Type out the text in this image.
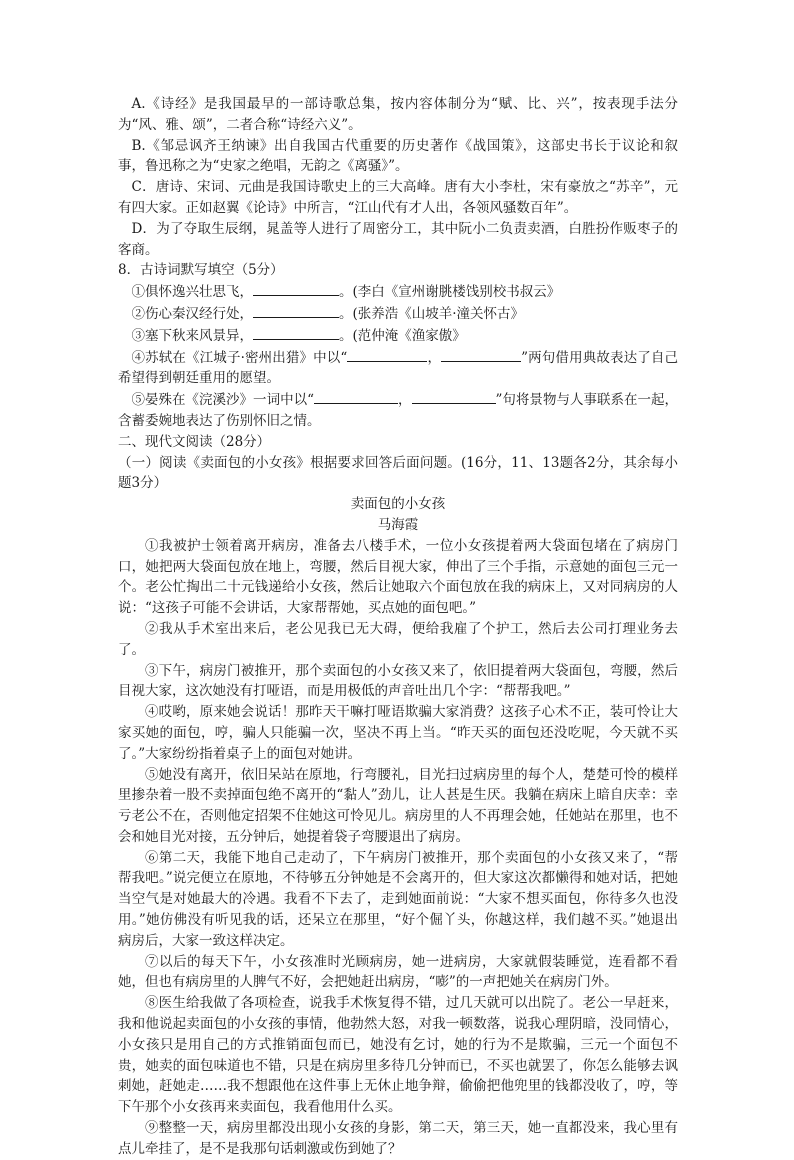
A.《诗经》是我国最早的一部诗歌总集，按内容体制分为“赋、比、兴”，按表现手法分为“风、雅、颂”，二者合称“诗经六义”。

B.《邹忌讽齐王纳谏》出自我国古代重要的历史著作《战国策》，这部史书长于议论和叙事，鲁迅称之为“史家之绝唱，无韵之《离骚》”。

C．唐诗、宋词、元曲是我国诗歌史上的三大高峰。唐有大小李杜，宋有豪放之“苏辛”，元有四大家。正如赵翼《论诗》中所言，“江山代有才人出，各领风骚数百年”。

D．为了夺取生辰纲，晁盖等人进行了周密分工，其中阮小二负责卖酒，白胜扮作贩枣子的客商。

8．古诗词默写填空（5分）

①俱怀逸兴壮思飞，	。(李白《宣州谢朓楼饯别校书叔云》

②伤心秦汉经行处，	。(张养浩《山坡羊·潼关怀古》

③塞下秋来风景异，	。(范仲淹《渔家傲》

④苏轼在《江城子·密州出猎》中以“	，	”两句借用典故表达了自己希望得到朝廷重用的愿望。

⑤晏殊在《浣溪沙》一词中以“	，	”句将景物与人事联系在一起，含蓄委婉地表达了伤别怀旧之情。

二、现代文阅读（28分）

（一）阅读《卖面包的小女孩》根据要求回答后面问题。(16分，11、13题各2分，其余每小题3分）

卖面包的小女孩

马海霞

①我被护士领着离开病房，准备去八楼手术，一位小女孩提着两大袋面包堵在了病房门口，她把两大袋面包放在地上，弯腰，然后目视大家，伸出了三个手指，示意她的面包三元一个。老公忙掏出二十元钱递给小女孩，然后让她取六个面包放在我的病床上，又对同病房的人说：“这孩子可能不会讲话，大家帮帮她，买点她的面包吧。”

②我从手术室出来后，老公见我已无大碍，便给我雇了个护工，然后去公司打理业务去了。

③下午，病房门被推开，那个卖面包的小女孩又来了，依旧提着两大袋面包，弯腰，然后目视大家，这次她没有打哑语，而是用极低的声音吐出几个字：“帮帮我吧。”

④哎哟，原来她会说话！那昨天干嘛打哑语欺骗大家消费？这孩子心术不正，装可怜让大家买她的面包，哼，骗人只能骗一次，坚决不再上当。“昨天买的面包还没吃呢，今天就不买了。”大家纷纷指着桌子上的面包对她讲。

⑤她没有离开，依旧呆站在原地，行弯腰礼，目光扫过病房里的每个人，楚楚可怜的模样里掺杂着一股不卖掉面包绝不离开的“黏人”劲儿，让人甚是生厌。我躺在病床上暗自庆幸：幸亏老公不在，否则他定招架不住她这可怜见儿。病房里的人不再理会她，任她站在那里，也不会和她目光对接，五分钟后，她提着袋子弯腰退出了病房。

⑥第二天，我能下地自己走动了，下午病房门被推开，那个卖面包的小女孩又来了，“帮帮我吧。”说完便立在原地，不待够五分钟她是不会离开的，但大家这次都懒得和她对话，把她当空气是对她最大的冷遇。我看不下去了，走到她面前说：“大家不想买面包，你待多久也没用。”她仿佛没有听见我的话，还呆立在那里，“好个倔丫头，你越这样，我们越不买。”她退出病房后，大家一致这样决定。

⑦以后的每天下午，小女孩准时光顾病房，她一进病房，大家就假装睡觉，连看都不看她，但也有病房里的人脾气不好，会把她赶出病房，“嘭”的一声把她关在病房门外。

⑧医生给我做了各项检查，说我手术恢复得不错，过几天就可以出院了。老公一早赶来，我和他说起卖面包的小女孩的事情，他勃然大怒，对我一顿数落，说我心理阴暗，没同情心，小女孩只是用自己的方式推销面包而已，她没有乞讨，她的行为不是欺骗，三元一个面包不贵，她卖的面包味道也不错，只是在病房里多待几分钟而已，不买也就罢了，你怎么能够去讽刺她，赶她走……我不想跟他在这件事上无休止地争辩，偷偷把他兜里的钱都没收了，哼，等下午那个小女孩再来卖面包，我看他用什么买。

⑨整整一天，病房里都没出现小女孩的身影，第二天，第三天，她一直都没来，我心里有点儿牵挂了，是不是我那句话刺激或伤到她了？
